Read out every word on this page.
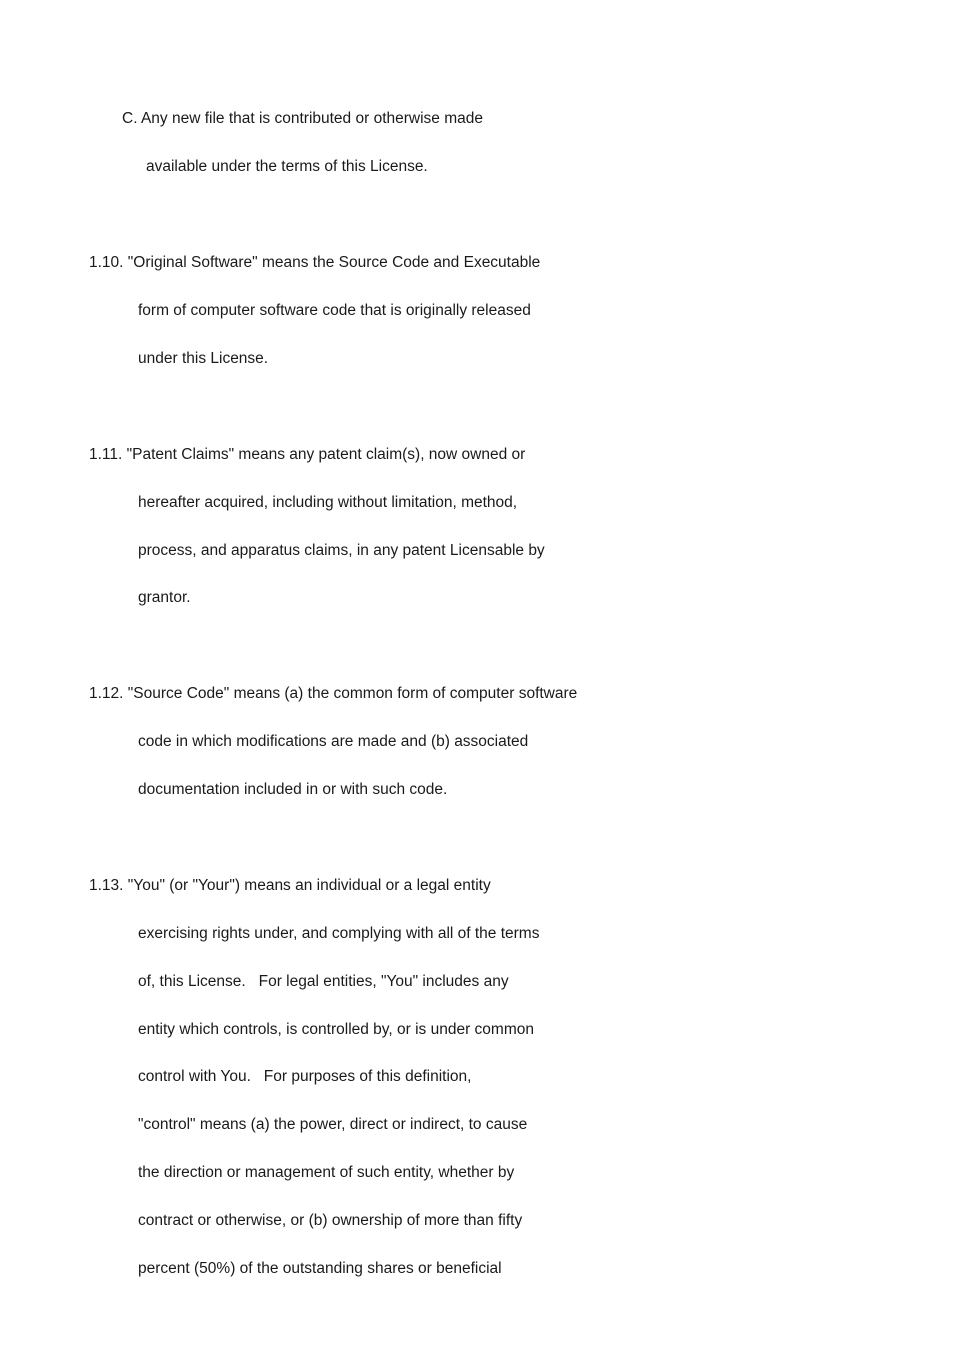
C. Any new file that is contributed or otherwise made
available under the terms of this License.
1.10. "Original Software" means the Source Code and Executable
form of computer software code that is originally released
under this License.
1.11. "Patent Claims" means any patent claim(s), now owned or
hereafter acquired, including without limitation, method,
process, and apparatus claims, in any patent Licensable by
grantor.
1.12. "Source Code" means (a) the common form of computer software
code in which modifications are made and (b) associated
documentation included in or with such code.
1.13. "You" (or "Your") means an individual or a legal entity
exercising rights under, and complying with all of the terms
of, this License.   For legal entities, "You" includes any
entity which controls, is controlled by, or is under common
control with You.   For purposes of this definition,
"control" means (a) the power, direct or indirect, to cause
the direction or management of such entity, whether by
contract or otherwise, or (b) ownership of more than fifty
percent (50%) of the outstanding shares or beneficial
